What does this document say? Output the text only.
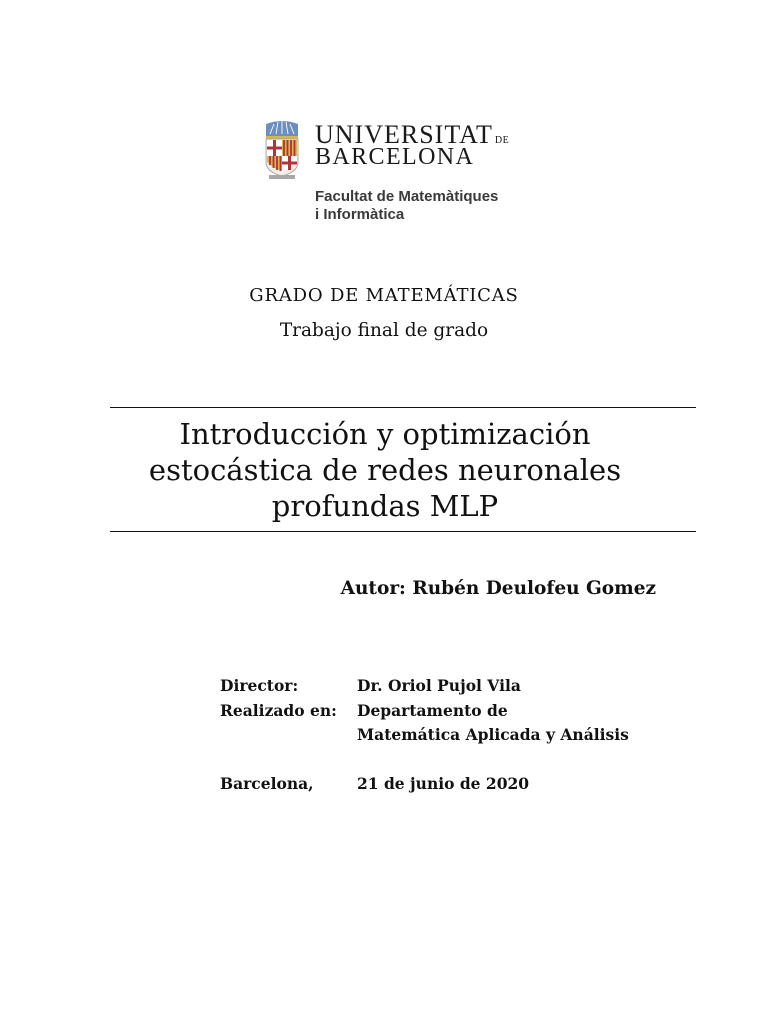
UNIVERSITAT DE
BARCELONA
Facultat de Matemàtiques
i Informàtica
GRADO DE MATEMÁTICAS
Trabajo final de grado
Introducción y optimización
estocástica de redes neuronales
profundas MLP
Autor: Rubén Deulofeu Gomez
Director:	Dr. Oriol Pujol Vila
Realizado en: Departamento de
Matemática Aplicada y Análisis
Barcelona,	21 de junio de 2020
